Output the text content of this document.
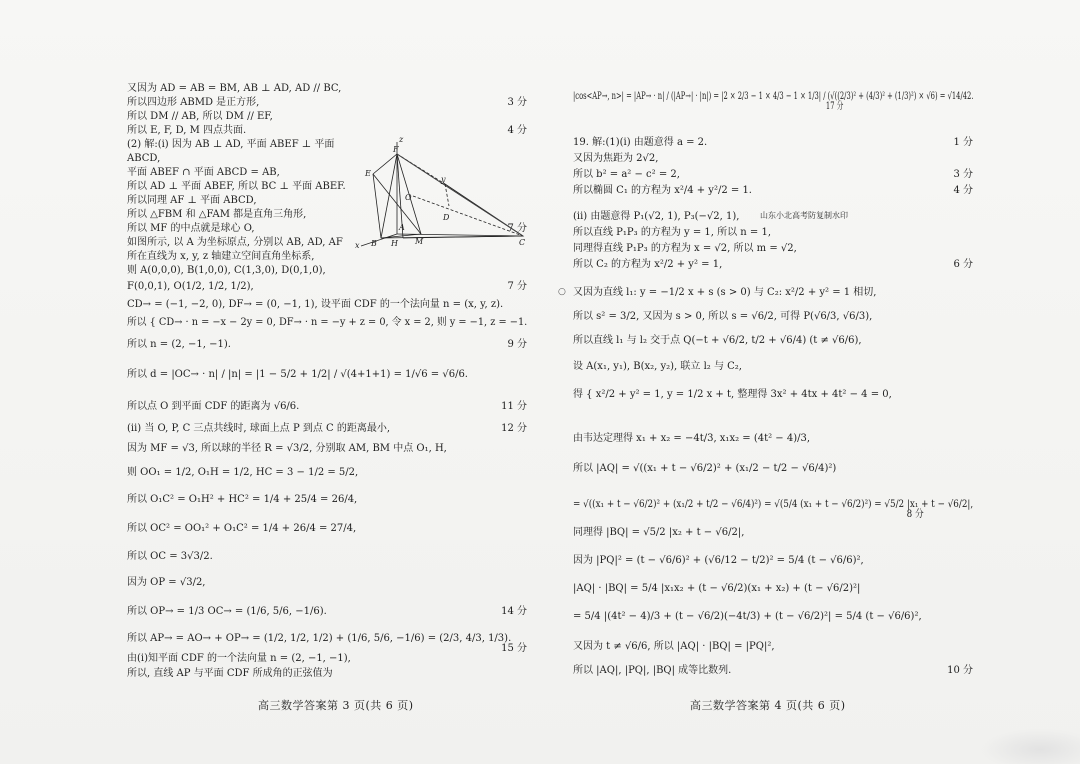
又因为 AD = AB = BM, AB ⊥ AD, AD // BC,
所以四边形 ABMD 是正方形,	3 分
所以 DM // AB, 所以 DM // EF,
所以 E, F, D, M 四点共面.	4 分
(2) 解:(ⅰ) 因为 AB ⊥ AD, 平面 ABEF ⊥ 平面
ABCD,
平面 ABEF ∩ 平面 ABCD = AB,
所以 AD ⊥ 平面 ABEF, 所以 BC ⊥ 平面 ABEF.
所以同理 AF ⊥ 平面 ABCD,
所以 △FBM 和 △FAM 都是直角三角形,
所以 MF 的中点就是球心 O,	7 分
如图所示, 以 A 为坐标原点, 分别以 AB, AD, AF
所在直线为 x, y, z 轴建立空间直角坐标系,
则 A(0,0,0), B(1,0,0), C(1,3,0), D(0,1,0),
F(0,0,1), O(1/2, 1/2, 1/2),	7 分
CD→ = (−1, −2, 0), DF→ = (0, −1, 1), 设平面 CDF 的一个法向量 n = (x, y, z).
所以 { CD→ · n = −x − 2y = 0, DF→ · n = −y + z = 0, 令 x = 2, 则 y = −1, z = −1.
所以 n = (2, −1, −1).	9 分
所以 d = |OC→ · n| / |n| = |1 − 5/2 + 1/2| / √(4+1+1) = 1/√6 = √6/6.
所以点 O 到平面 CDF 的距离为 √6/6.	11 分
(ⅱ) 当 O, P, C 三点共线时, 球面上点 P 到点 C 的距离最小,	12 分
因为 MF = √3, 所以球的半径 R = √3/2, 分别取 AM, BM 中点 O₁, H,
则 OO₁ = 1/2, O₁H = 1/2, HC = 3 − 1/2 = 5/2,
所以 O₁C² = O₁H² + HC² = 1/4 + 25/4 = 26/4,
所以 OC² = OO₁² + O₁C² = 1/4 + 26/4 = 27/4,
所以 OC = 3√3/2.
因为 OP = √3/2,
所以 OP→ = 1/3 OC→ = (1/6, 5/6, −1/6).	14 分
所以 AP→ = AO→ + OP→ = (1/2, 1/2, 1/2) + (1/6, 5/6, −1/6) = (2/3, 4/3, 1/3).
15 分
由(ⅰ)知平面 CDF 的一个法向量 n = (2, −1, −1),
所以, 直线 AP 与平面 CDF 所成角的正弦值为
z
F
E
O
D
y
B H M	C
x
A
高三数学答案第 3 页(共 6 页)
|cos<AP→, n>| = |AP→ · n| / (|AP→| · |n|) = |2 × 2/3 − 1 × 4/3 − 1 × 1/3| / (√((2/3)² + (4/3)² + (1/3)²) × √6) = √14/42.
17 分
19. 解:(1)(ⅰ) 由题意得 a = 2.	1 分
又因为焦距为 2√2,
所以 b² = a² − c² = 2,	3 分
所以椭圆 C₁ 的方程为 x²/4 + y²/2 = 1.	4 分
(ⅱ) 由题意得 P₁(√2, 1), P₃(−√2, 1),
所以直线 P₁P₃ 的方程为 y = 1, 所以 n = 1,
同理得直线 P₁P₃ 的方程为 x = √2, 所以 m = √2,
所以 C₂ 的方程为 x²/2 + y² = 1,	6 分
又因为直线 l₁: y = −1/2 x + s (s > 0) 与 C₂: x²/2 + y² = 1 相切,
所以 s² = 3/2, 又因为 s > 0, 所以 s = √6/2, 可得 P(√6/3, √6/3),
所以直线 l₁ 与 l₂ 交于点 Q(−t + √6/2, t/2 + √6/4) (t ≠ √6/6),
设 A(x₁, y₁), B(x₂, y₂), 联立 l₂ 与 C₂,
得 { x²/2 + y² = 1, y = 1/2 x + t, 整理得 3x² + 4tx + 4t² − 4 = 0,
由韦达定理得 x₁ + x₂ = −4t/3, x₁x₂ = (4t² − 4)/3,
所以 |AQ| = √((x₁ + t − √6/2)² + (x₁/2 − t/2 − √6/4)²)
= √((x₁ + t − √6/2)² + (x₁/2 + t/2 − √6/4)²) = √(5/4 (x₁ + t − √6/2)²) = √5/2 |x₁ + t − √6/2|,
8 分
同理得 |BQ| = √5/2 |x₂ + t − √6/2|,
因为 |PQ|² = (t − √6/6)² + (√6/12 − t/2)² = 5/4 (t − √6/6)²,
|AQ| · |BQ| = 5/4 |x₁x₂ + (t − √6/2)(x₁ + x₂) + (t − √6/2)²|
= 5/4 |(4t² − 4)/3 + (t − √6/2)(−4t/3) + (t − √6/2)²| = 5/4 (t − √6/6)²,
又因为 t ≠ √6/6, 所以 |AQ| · |BQ| = |PQ|²,
所以 |AQ|, |PQ|, |BQ| 成等比数列.	10 分
山东小北高考防复制水印
○
高三数学答案第 4 页(共 6 页)
